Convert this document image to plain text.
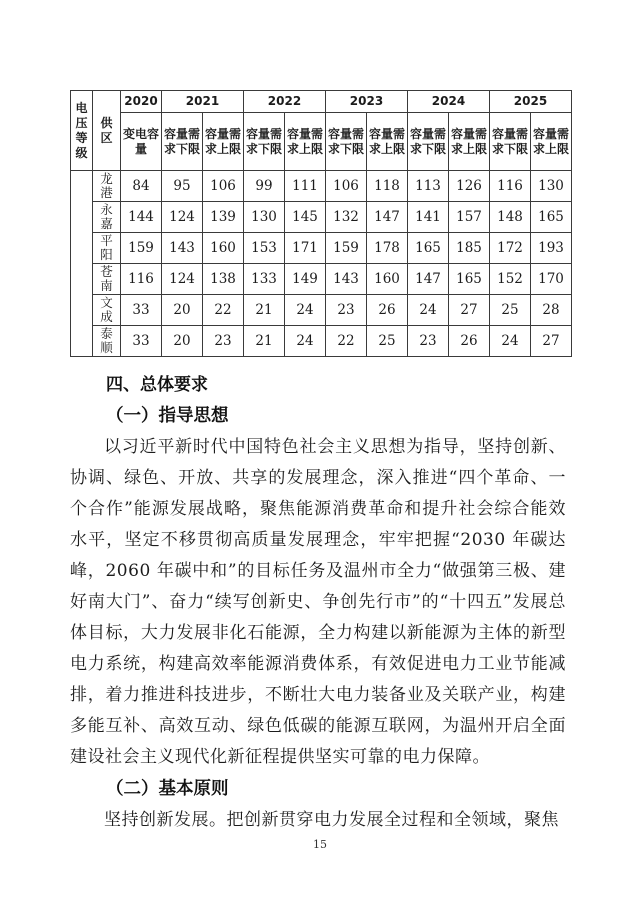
电压等级	供区	2020	2021		2022		2023		2024		2025	
		变电容量	容量需求下限	容量需求上限	容量需求下限	容量需求上限	容量需求下限	容量需求上限	容量需求下限	容量需求上限	容量需求下限	容量需求上限
	龙港	84	95	106	99	111	106	118	113	126	116	130
	永嘉	144	124	139	130	145	132	147	141	157	148	165
	平阳	159	143	160	153	171	159	178	165	185	172	193
	苍南	116	124	138	133	149	143	160	147	165	152	170
	文成	33	20	22	21	24	23	26	24	27	25	28
	泰顺	33	20	23	21	24	22	25	23	26	24	27
四、总体要求
（一）指导思想

以习近平新时代中国特色社会主义思想为指导，坚持创新、协调、绿色、开放、共享的发展理念，深入推进“四个革命、一个合作”能源发展战略，聚焦能源消费革命和提升社会综合能效水平，坚定不移贯彻高质量发展理念，牢牢把握“2030 年碳达峰，2060 年碳中和”的目标任务及温州市全力“做强第三极、建好南大门”、奋力“续写创新史、争创先行市”的“十四五”发展总体目标，大力发展非化石能源，全力构建以新能源为主体的新型电力系统，构建高效率能源消费体系，有效促进电力工业节能减排，着力推进科技进步，不断壮大电力装备业及关联产业，构建多能互补、高效互动、绿色低碳的能源互联网，为温州开启全面建设社会主义现代化新征程提供坚实可靠的电力保障。

（二）基本原则

坚持创新发展。把创新贯穿电力发展全过程和全领域，聚焦

15
